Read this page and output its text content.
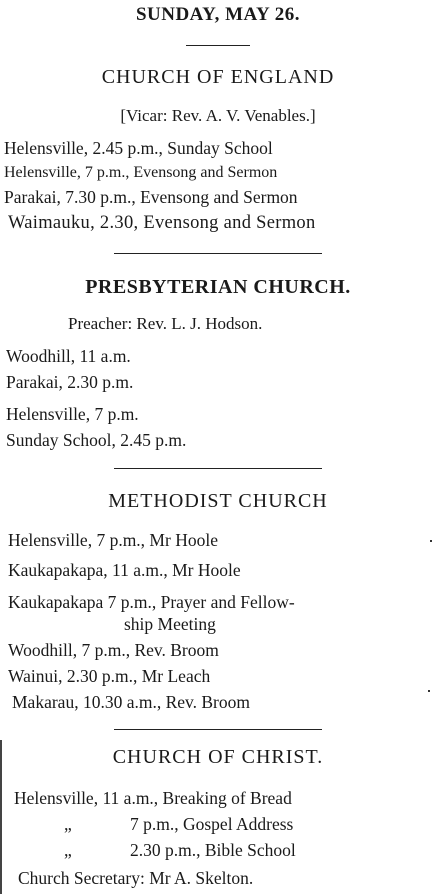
SUNDAY, MAY 26.
CHURCH OF ENGLAND
[Vicar: Rev. A. V. Venables.]
Helensville, 2.45 p.m., Sunday School
Helensville, 7 p.m., Evensong and Sermon
Parakai, 7.30 p.m., Evensong and Sermon
Waimauku, 2.30, Evensong and Sermon
PRESBYTERIAN CHURCH.
Preacher: Rev. L. J. Hodson.
Woodhill, 11 a.m.
Parakai, 2.30 p.m.
Helensville, 7 p.m.
Sunday School, 2.45 p.m.
METHODIST CHURCH
Helensville, 7 p.m., Mr Hoole
Kaukapakapa, 11 a.m., Mr Hoole
Kaukapakapa 7 p.m., Prayer and Fellow-
ship Meeting
Woodhill, 7 p.m., Rev. Broom
Wainui, 2.30 p.m., Mr Leach
Makarau, 10.30 a.m., Rev. Broom
CHURCH OF CHRIST.
Helensville, 11 a.m., Breaking of Bread
„	7 p.m., Gospel Address
„	2.30 p.m., Bible School
Church Secretary: Mr A. Skelton.
